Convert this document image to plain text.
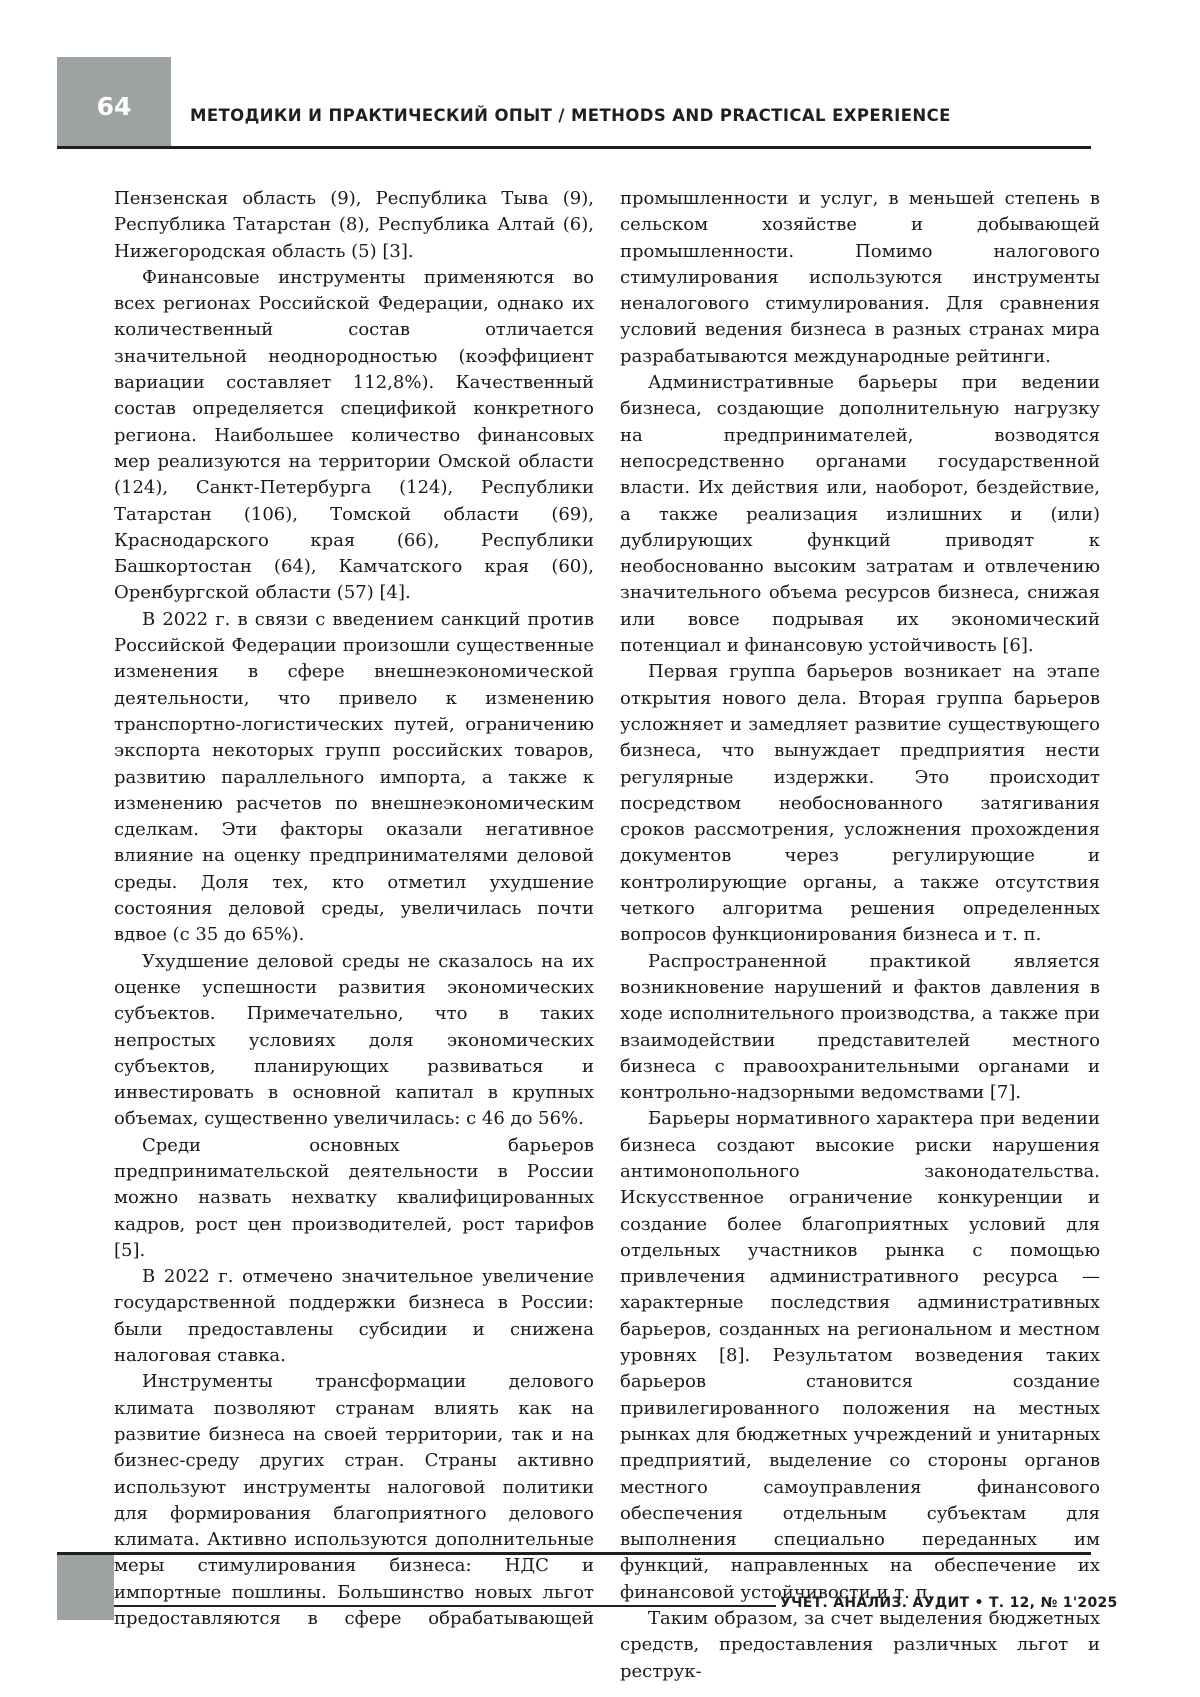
64	МЕТОДИКИ И ПРАКТИЧЕСКИЙ ОПЫТ / METHODS AND PRACTICAL EXPERIENCE

Пензенская область (9), Республика Тыва (9), Республика Татарстан (8), Республика Алтай (6), Нижегородская область (5) [3].

Финансовые инструменты применяются во всех регионах Российской Федерации, однако их количественный состав отличается значительной неоднородностью (коэффициент вариации составляет 112,8%). Качественный состав определяется спецификой конкретного региона. Наибольшее количество финансовых мер реализуются на территории Омской области (124), Санкт-Петербурга (124), Республики Татарстан (106), Томской области (69), Краснодарского края (66), Республики Башкортостан (64), Камчатского края (60), Оренбургской области (57) [4].

В 2022 г. в связи с введением санкций против Российской Федерации произошли существенные изменения в сфере внешнеэкономической деятельности, что привело к изменению транспортно-логистических путей, ограничению экспорта некоторых групп российских товаров, развитию параллельного импорта, а также к изменению расчетов по внешнеэкономическим сделкам. Эти факторы оказали негативное влияние на оценку предпринимателями деловой среды. Доля тех, кто отметил ухудшение состояния деловой среды, увеличилась почти вдвое (с 35 до 65%).

Ухудшение деловой среды не сказалось на их оценке успешности развития экономических субъектов. Примечательно, что в таких непростых условиях доля экономических субъектов, планирующих развиваться и инвестировать в основной капитал в крупных объемах, существенно увеличилась: с 46 до 56%.

Среди основных барьеров предпринимательской деятельности в России можно назвать нехватку квалифицированных кадров, рост цен производителей, рост тарифов [5].

В 2022 г. отмечено значительное увеличение государственной поддержки бизнеса в России: были предоставлены субсидии и снижена налоговая ставка.

Инструменты трансформации делового климата позволяют странам влиять как на развитие бизнеса на своей территории, так и на бизнес-среду других стран. Страны активно используют инструменты налоговой политики для формирования благоприятного делового климата. Активно используются дополнительные меры стимулирования бизнеса: НДС и импортные пошлины. Большинство новых льгот предоставляются в сфере обрабатывающей

промышленности и услуг, в меньшей степень в сельском хозяйстве и добывающей промышленности. Помимо налогового стимулирования используются инструменты неналогового стимулирования. Для сравнения условий ведения бизнеса в разных странах мира разрабатываются международные рейтинги.

Административные барьеры при ведении бизнеса, создающие дополнительную нагрузку на предпринимателей, возводятся непосредственно органами государственной власти. Их действия или, наоборот, бездействие, а также реализация излишних и (или) дублирующих функций приводят к необоснованно высоким затратам и отвлечению значительного объема ресурсов бизнеса, снижая или вовсе подрывая их экономический потенциал и финансовую устойчивость [6].

Первая группа барьеров возникает на этапе открытия нового дела. Вторая группа барьеров усложняет и замедляет развитие существующего бизнеса, что вынуждает предприятия нести регулярные издержки. Это происходит посредством необоснованного затягивания сроков рассмотрения, усложнения прохождения документов через регулирующие и контролирующие органы, а также отсутствия четкого алгоритма решения определенных вопросов функционирования бизнеса и т. п.

Распространенной практикой является возникновение нарушений и фактов давления в ходе исполнительного производства, а также при взаимодействии представителей местного бизнеса с правоохранительными органами и контрольно-надзорными ведомствами [7].

Барьеры нормативного характера при ведении бизнеса создают высокие риски нарушения антимонопольного законодательства. Искусственное ограничение конкуренции и создание более благоприятных условий для отдельных участников рынка с помощью привлечения административного ресурса — характерные последствия административных барьеров, созданных на региональном и местном уровнях [8]. Результатом возведения таких барьеров становится создание привилегированного положения на местных рынках для бюджетных учреждений и унитарных предприятий, выделение со стороны органов местного самоуправления финансового обеспечения отдельным субъектам для выполнения специально переданных им функций, направленных на обеспечение их финансовой устойчивости и т. п.

Таким образом, за счет выделения бюджетных средств, предоставления различных льгот и реструк-

УЧЕТ. АНАЛИЗ. АУДИТ • Т. 12, № 1'2025
